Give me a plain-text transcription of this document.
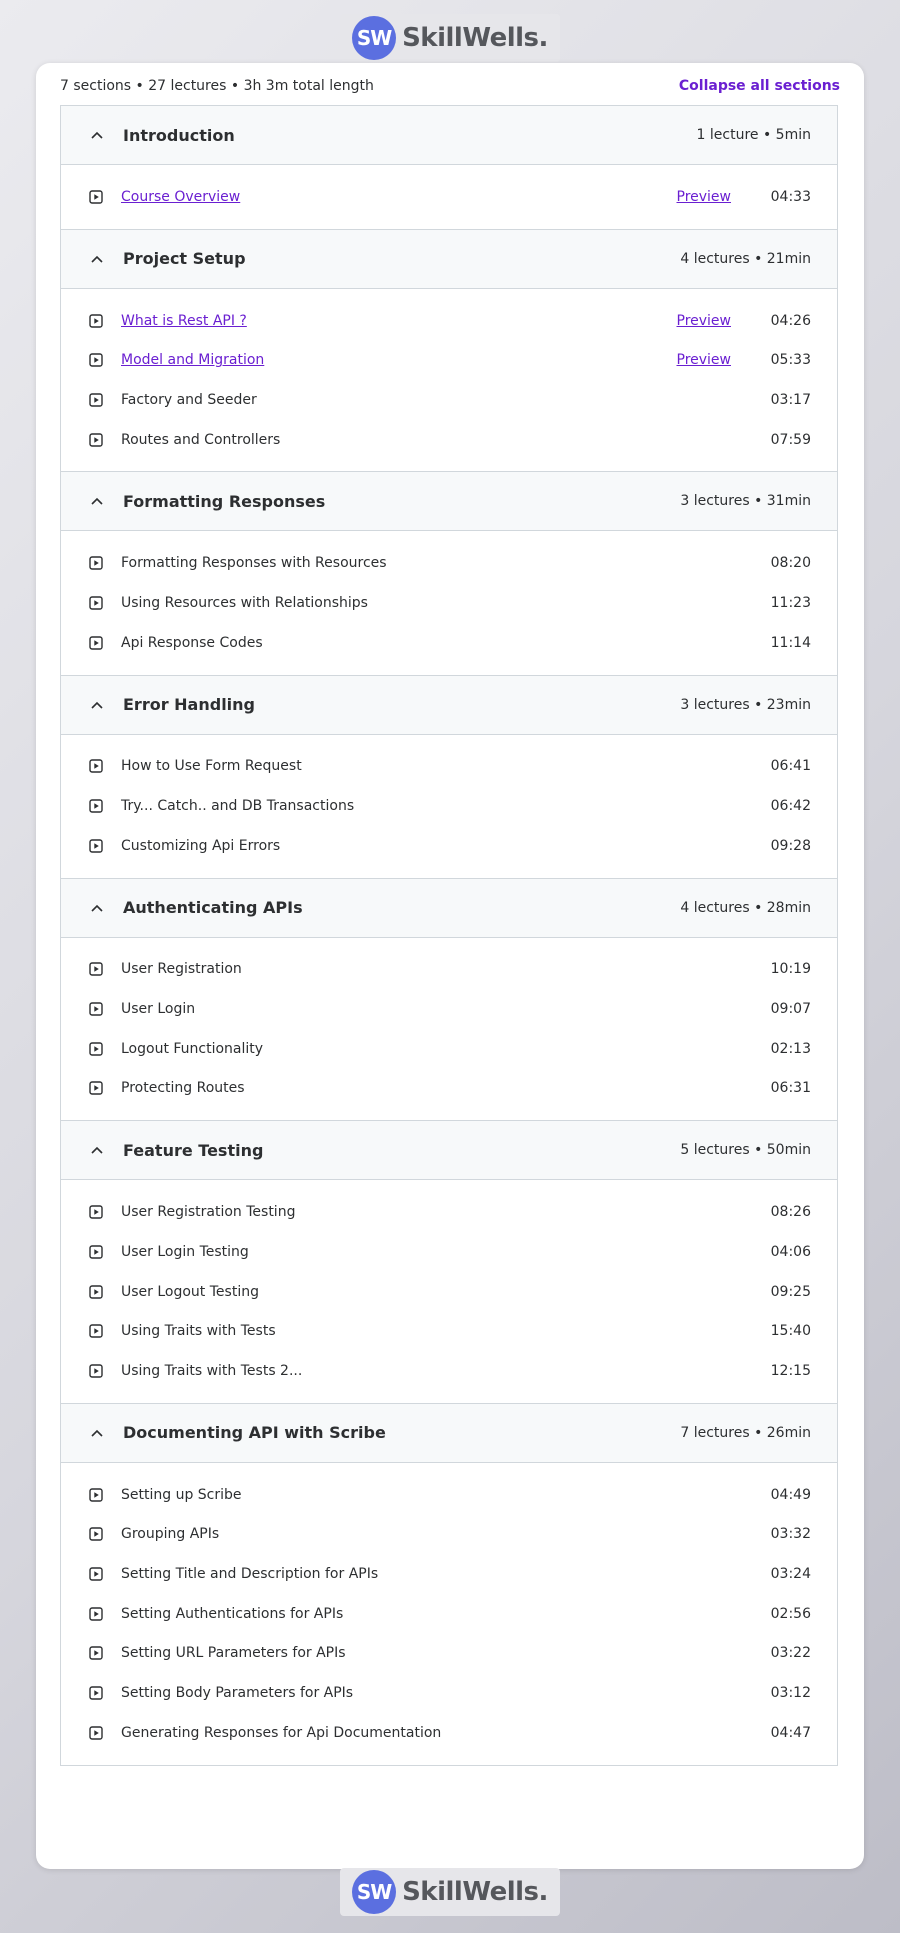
SW SkillWells.
7 sections • 27 lectures • 3h 3m total length	Collapse all sections
Introduction	1 lecture • 5min
Course Overview	Preview	04:33
Project Setup	4 lectures • 21min
What is Rest API ?	Preview	04:26
Model and Migration	Preview	05:33
Factory and Seeder	03:17
Routes and Controllers	07:59
Formatting Responses	3 lectures • 31min
Formatting Responses with Resources	08:20
Using Resources with Relationships	11:23
Api Response Codes	11:14
Error Handling	3 lectures • 23min
How to Use Form Request	06:41
Try... Catch.. and DB Transactions	06:42
Customizing Api Errors	09:28
Authenticating APIs	4 lectures • 28min
User Registration	10:19
User Login	09:07
Logout Functionality	02:13
Protecting Routes	06:31
Feature Testing	5 lectures • 50min
User Registration Testing	08:26
User Login Testing	04:06
User Logout Testing	09:25
Using Traits with Tests	15:40
Using Traits with Tests 2...	12:15
Documenting API with Scribe	7 lectures • 26min
Setting up Scribe	04:49
Grouping APIs	03:32
Setting Title and Description for APIs	03:24
Setting Authentications for APIs	02:56
Setting URL Parameters for APIs	03:22
Setting Body Parameters for APIs	03:12
Generating Responses for Api Documentation	04:47
SW SkillWells.
